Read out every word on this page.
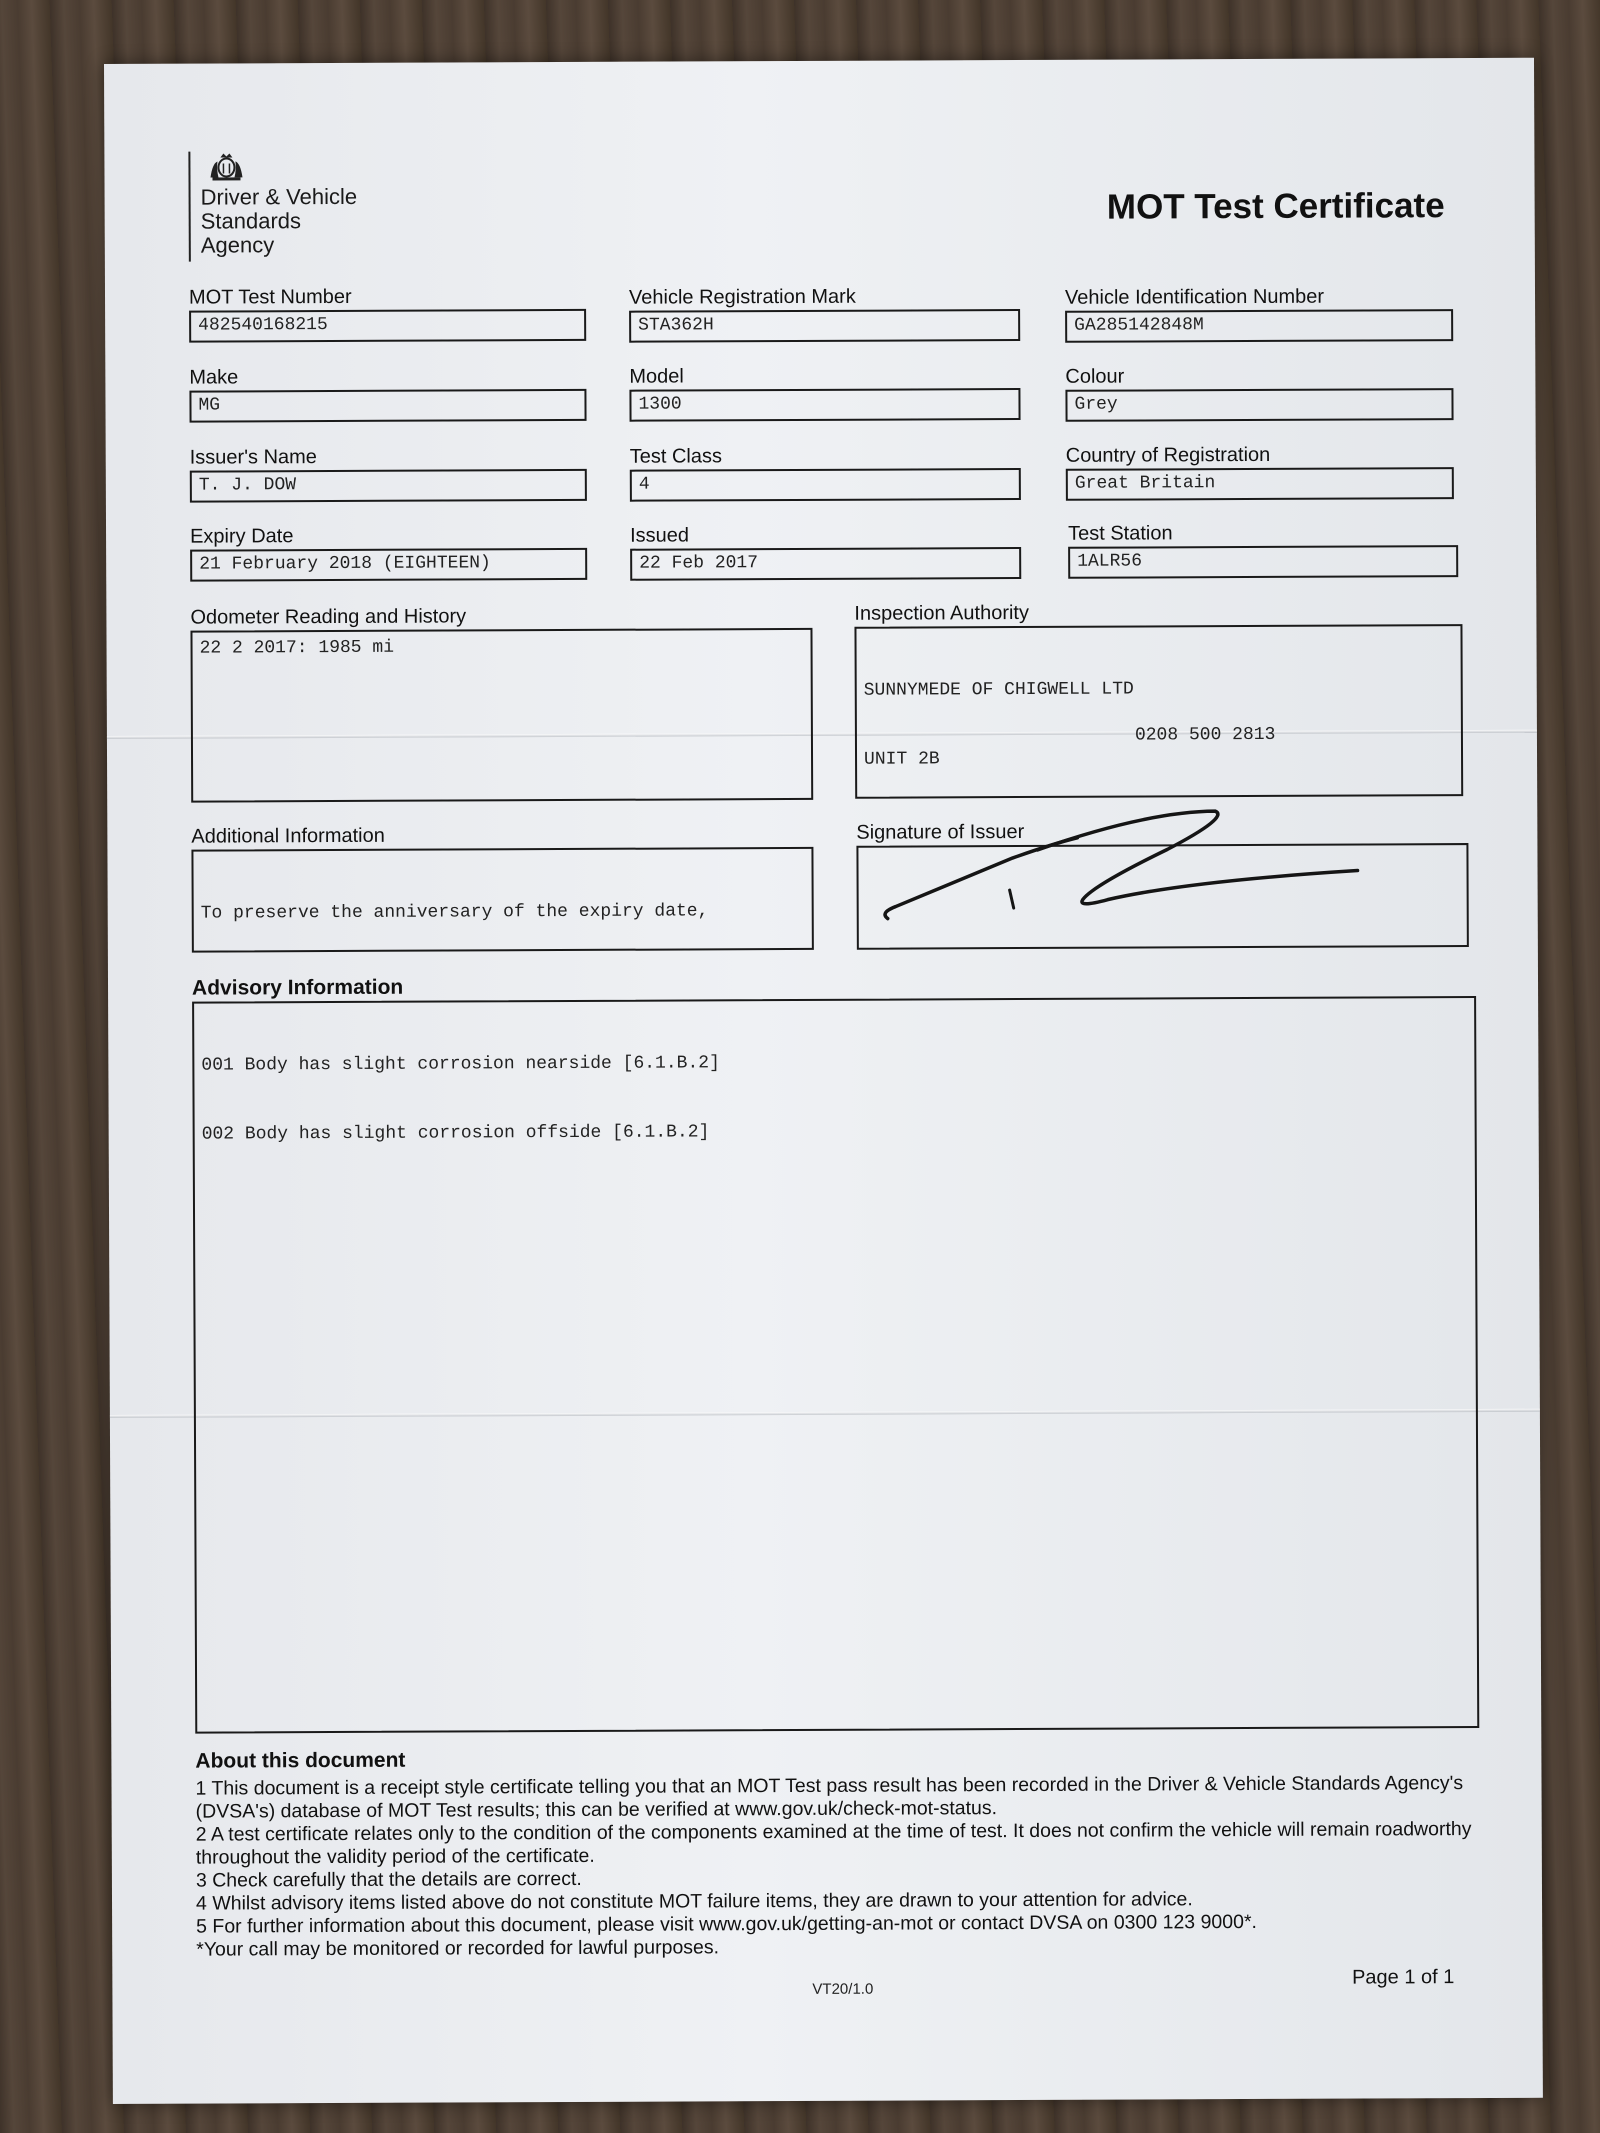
Driver & Vehicle
Standards
Agency
MOT Test Certificate
MOT Test Number
482540168215
Vehicle Registration Mark
STA362H
Vehicle Identification Number
GA285142848M
Make
MG
Model
1300
Colour
Grey
Issuer's Name
T. J. DOW
Test Class
4
Country of Registration
Great Britain
Expiry Date
21 February 2018 (EIGHTEEN)
Issued
22 Feb 2017
Test Station
1ALR56
Odometer Reading and History
22 2 2017: 1985 mi
Inspection Authority

SUNNYMEDE OF CHIGWELL LTD

UNIT 2B

0208 500 2813

Additional Information

To preserve the anniversary of the expiry date,

Signature of Issuer
Advisory Information

001 Body has slight corrosion nearside [6.1.B.2]

002 Body has slight corrosion offside [6.1.B.2]

About this document
1 This document is a receipt style certificate telling you that an MOT Test pass result has been recorded in the Driver & Vehicle Standards Agency's (DVSA's) database of MOT Test results; this can be verified at www.gov.uk/check-mot-status.
2 A test certificate relates only to the condition of the components examined at the time of test. It does not confirm the vehicle will remain roadworthy throughout the validity period of the certificate.
3 Check carefully that the details are correct.
4 Whilst advisory items listed above do not constitute MOT failure items, they are drawn to your attention for advice.
5 For further information about this document, please visit www.gov.uk/getting-an-mot or contact DVSA on 0300 123 9000*.
*Your call may be monitored or recorded for lawful purposes.
Page 1 of 1
VT20/1.0
